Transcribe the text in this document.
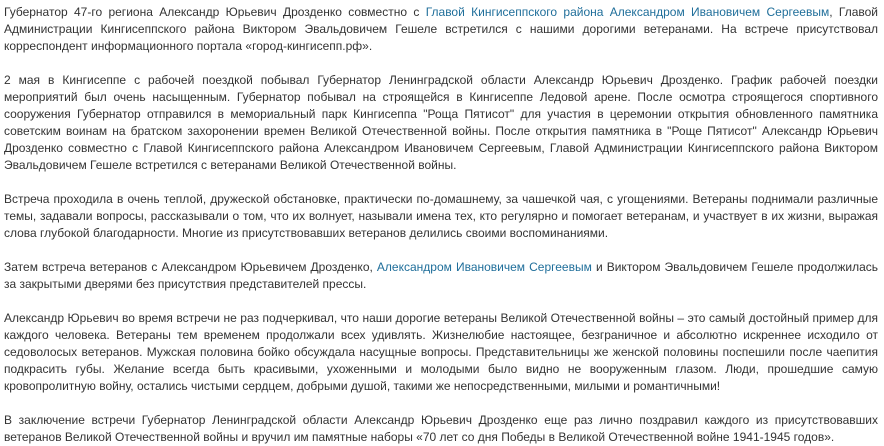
Губернатор 47-го региона Александр Юрьевич Дрозденко совместно с Главой Кингисеппского района Александром Ивановичем Сергеевым, Главой Администрации Кингисеппского района Виктором Эвальдовичем Гешеле встретился с нашими дорогими ветеранами. На встрече присутствовал корреспондент информационного портала «город-кингисепп.рф».

2 мая в Кингисеппе с рабочей поездкой побывал Губернатор Ленинградской области Александр Юрьевич Дрозденко. График рабочей поездки мероприятий был очень насыщенным. Губернатор побывал на строящейся в Кингисеппе Ледовой арене. После осмотра строящегося спортивного сооружения Губернатор отправился в мемориальный парк Кингисеппа "Роща Пятисот" для участия в церемонии открытия обновленного памятника советским воинам на братском захоронении времен Великой Отечественной войны. После открытия памятника в "Роще Пятисот" Александр Юрьевич Дрозденко совместно с Главой Кингисеппского района Александром Ивановичем Сергеевым, Главой Администрации Кингисеппского района Виктором Эвальдовичем Гешеле встретился с ветеранами Великой Отечественной войны.

Встреча проходила в очень теплой, дружеской обстановке, практически по-домашнему, за чашечкой чая, с угощениями. Ветераны поднимали различные темы, задавали вопросы, рассказывали о том, что их волнует, называли имена тех, кто регулярно и помогает ветеранам, и участвует в их жизни, выражая слова глубокой благодарности. Многие из присутствовавших ветеранов делились своими воспоминаниями.

Затем встреча ветеранов с Александром Юрьевичем Дрозденко, Александром Ивановичем Сергеевым и Виктором Эвальдовичем Гешеле продолжилась за закрытыми дверями без присутствия представителей прессы.

Александр Юрьевич во время встречи не раз подчеркивал, что наши дорогие ветераны Великой Отечественной войны – это самый достойный пример для каждого человека. Ветераны тем временем продолжали всех удивлять. Жизнелюбие настоящее, безграничное и абсолютно искреннее исходило от седоволосых ветеранов. Мужская половина бойко обсуждала насущные вопросы. Представительницы же женской половины поспешили после чаепития подкрасить губы. Желание всегда быть красивыми, ухоженными и молодыми было видно не вооруженным глазом. Люди, прошедшие самую кровопролитную войну, остались чистыми сердцем, добрыми душой, такими же непосредственными, милыми и романтичными!

В заключение встречи Губернатор Ленинградской области Александр Юрьевич Дрозденко еще раз лично поздравил каждого из присутствовавших ветеранов Великой Отечественной войны и вручил им памятные наборы «70 лет со дня Победы в Великой Отечественной войне 1941-1945 годов».
